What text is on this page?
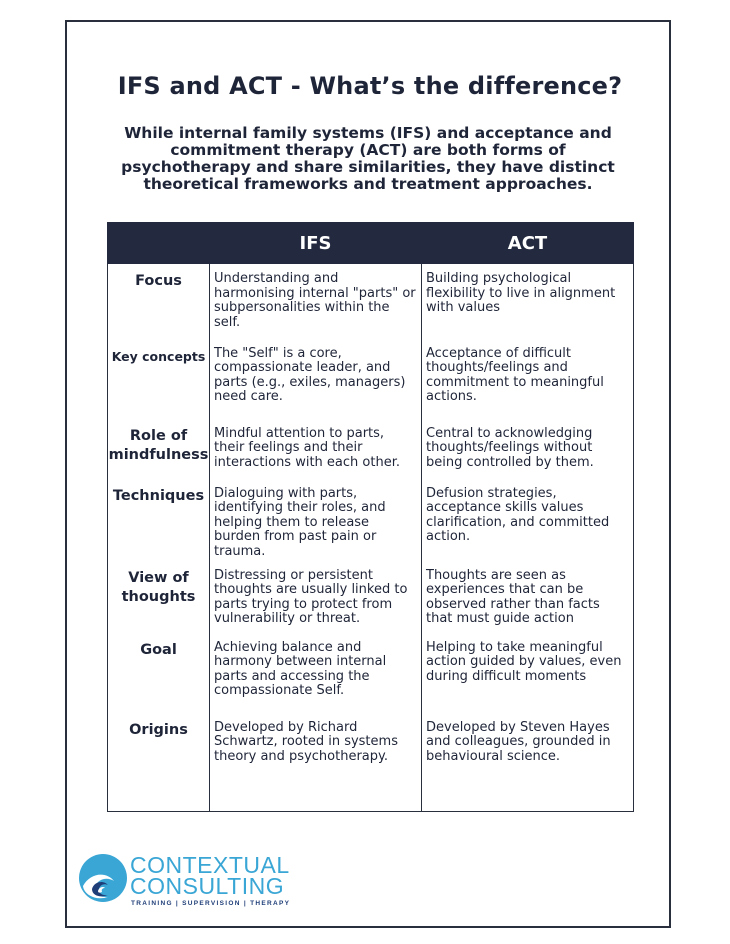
IFS and ACT - What’s the difference?

While internal family systems (IFS) and acceptance and commitment therapy (ACT) are both forms of psychotherapy and share similarities, they have distinct theoretical frameworks and treatment approaches.

	IFS	ACT
Focus	Understanding and harmonising internal "parts" or subpersonalities within the self.	Building psychological flexibility to live in alignment with values
Key concepts	The "Self" is a core, compassionate leader, and parts (e.g., exiles, managers) need care.	Acceptance of difficult thoughts/feelings and commitment to meaningful actions.
Role of mindfulness	Mindful attention to parts, their feelings and their interactions with each other.	Central to acknowledging thoughts/feelings without being controlled by them.
Techniques	Dialoguing with parts, identifying their roles, and helping them to release burden from past pain or trauma.	Defusion strategies, acceptance skills values clarification, and committed action.
View of thoughts	Distressing or persistent thoughts are usually linked to parts trying to protect from vulnerability or threat.	Thoughts are seen as experiences that can be observed rather than facts that must guide action
Goal	Achieving balance and harmony between internal parts and accessing the compassionate Self.	Helping to take meaningful action guided by values, even during difficult moments
Origins	Developed by Richard Schwartz, rooted in systems theory and psychotherapy.	Developed by Steven Hayes and colleagues, grounded in behavioural science.
CONTEXTUAL
CONSULTING
TRAINING | SUPERVISION | THERAPY
